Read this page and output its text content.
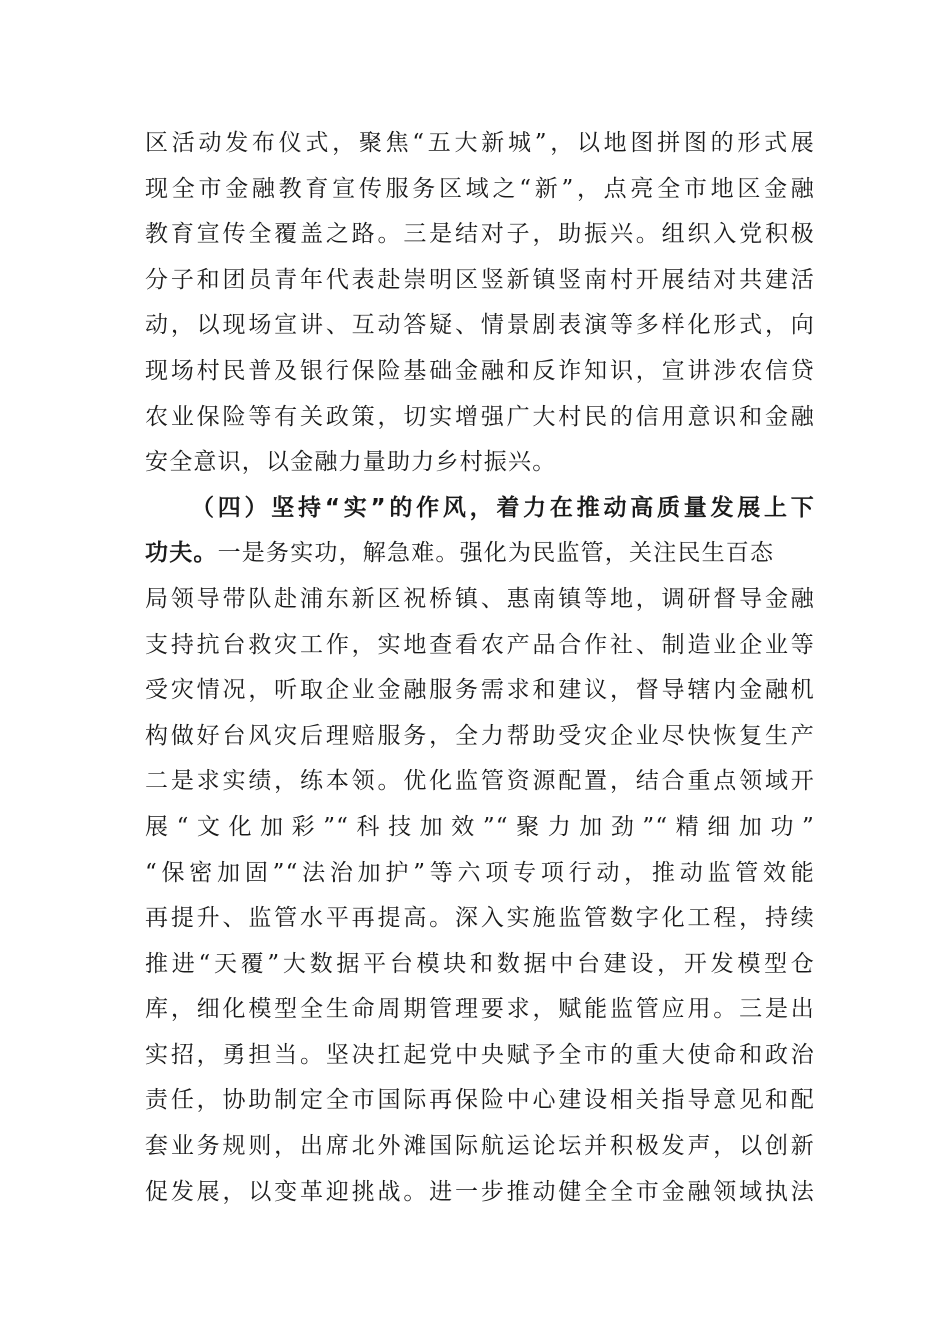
区活动发布仪式，聚焦“五大新城”，以地图拼图的形式展
现全市金融教育宣传服务区域之“新”，点亮全市地区金融
教育宣传全覆盖之路。三是结对子，助振兴。组织入党积极
分子和团员青年代表赴崇明区竖新镇竖南村开展结对共建活
动，以现场宣讲、互动答疑、情景剧表演等多样化形式，向
现场村民普及银行保险基础金融和反诈知识，宣讲涉农信贷
农业保险等有关政策，切实增强广大村民的信用意识和金融
安全意识，以金融力量助力乡村振兴。
（四）坚持“实”的作风，着力在推动高质量发展上下
功夫。一是务实功，解急难。强化为民监管，关注民生百态
局领导带队赴浦东新区祝桥镇、惠南镇等地，调研督导金融
支持抗台救灾工作，实地查看农产品合作社、制造业企业等
受灾情况，听取企业金融服务需求和建议，督导辖内金融机
构做好台风灾后理赔服务，全力帮助受灾企业尽快恢复生产
二是求实绩，练本领。优化监管资源配置，结合重点领域开
展“文化加彩”“科技加效”“聚力加劲”“精细加功”
“保密加固”“法治加护”等六项专项行动，推动监管效能
再提升、监管水平再提高。深入实施监管数字化工程，持续
推进“天覆”大数据平台模块和数据中台建设，开发模型仓
库，细化模型全生命周期管理要求，赋能监管应用。三是出
实招，勇担当。坚决扛起党中央赋予全市的重大使命和政治
责任，协助制定全市国际再保险中心建设相关指导意见和配
套业务规则，出席北外滩国际航运论坛并积极发声，以创新
促发展，以变革迎挑战。进一步推动健全全市金融领域执法
